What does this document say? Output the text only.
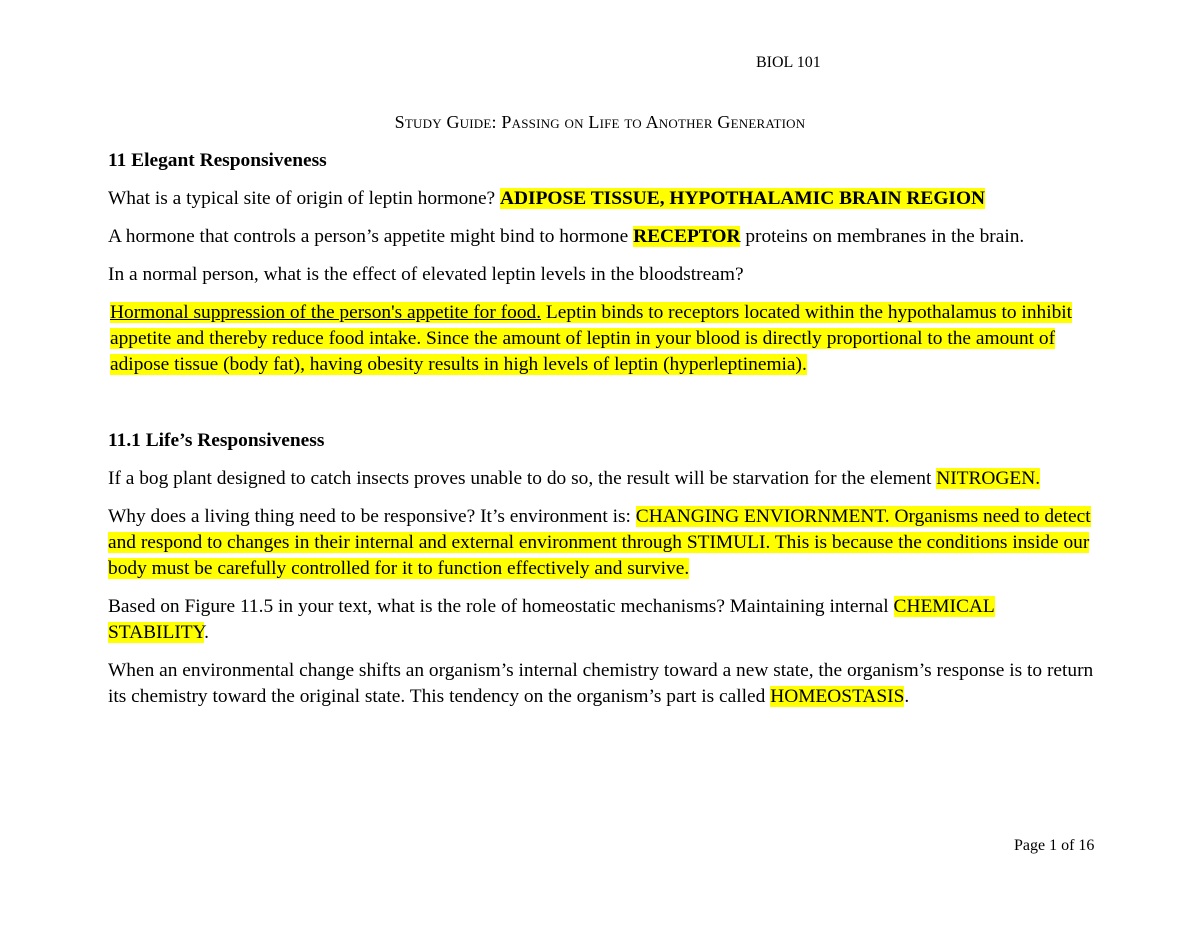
BIOL 101
Study Guide: Passing on Life to Another Generation

11 Elegant Responsiveness

What is a typical site of origin of leptin hormone? ADIPOSE TISSUE, HYPOTHALAMIC BRAIN REGION

A hormone that controls a person’s appetite might bind to hormone RECEPTOR proteins on membranes in the brain.

In a normal person, what is the effect of elevated leptin levels in the bloodstream?

Hormonal suppression of the person's appetite for food. Leptin binds to receptors located within the hypothalamus to inhibit appetite and thereby reduce food intake. Since the amount of leptin in your blood is directly proportional to the amount of adipose tissue (body fat), having obesity results in high levels of leptin (hyperleptinemia).

11.1 Life’s Responsiveness

If a bog plant designed to catch insects proves unable to do so, the result will be starvation for the element NITROGEN.

Why does a living thing need to be responsive? It’s environment is: CHANGING ENVIORNMENT. Organisms need to detect and respond to changes in their internal and external environment through STIMULI. This is because the conditions inside our body must be carefully controlled for it to function effectively and survive.

Based on Figure 11.5 in your text, what is the role of homeostatic mechanisms? Maintaining internal CHEMICAL STABILITY.

When an environmental change shifts an organism’s internal chemistry toward a new state, the organism’s response is to return its chemistry toward the original state. This tendency on the organism’s part is called HOMEOSTASIS.

Page 1 of 16
